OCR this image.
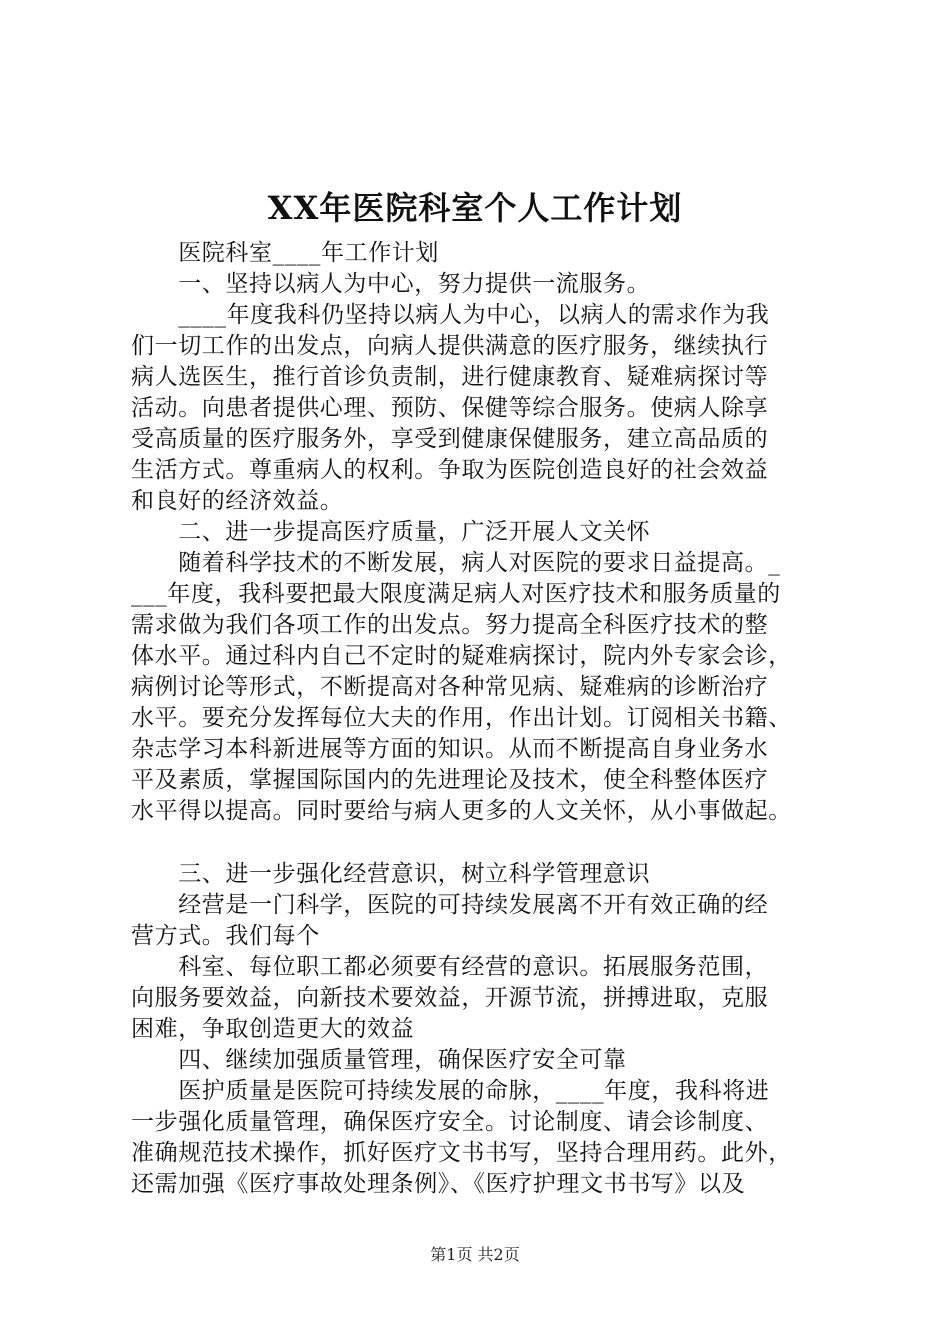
XX年医院科室个人工作计划
　　医院科室____年工作计划
　　一、坚持以病人为中心，努力提供一流服务。
　　____年度我科仍坚持以病人为中心，以病人的需求作为我
们一切工作的出发点，向病人提供满意的医疗服务，继续执行
病人选医生，推行首诊负责制，进行健康教育、疑难病探讨等
活动。向患者提供心理、预防、保健等综合服务。使病人除享
受高质量的医疗服务外，享受到健康保健服务，建立高品质的
生活方式。尊重病人的权利。争取为医院创造良好的社会效益
和良好的经济效益。
　　二、进一步提高医疗质量，广泛开展人文关怀
　　随着科学技术的不断发展，病人对医院的要求日益提高。_
___年度，我科要把最大限度满足病人对医疗技术和服务质量的
需求做为我们各项工作的出发点。努力提高全科医疗技术的整
体水平。通过科内自己不定时的疑难病探讨，院内外专家会诊，
病例讨论等形式，不断提高对各种常见病、疑难病的诊断治疗
水平。要充分发挥每位大夫的作用，作出计划。订阅相关书籍、
杂志学习本科新进展等方面的知识。从而不断提高自身业务水
平及素质，掌握国际国内的先进理论及技术，使全科整体医疗
水平得以提高。同时要给与病人更多的人文关怀，从小事做起。
　　三、进一步强化经营意识，树立科学管理意识
　　经营是一门科学，医院的可持续发展离不开有效正确的经
营方式。我们每个
　　科室、每位职工都必须要有经营的意识。拓展服务范围，
向服务要效益，向新技术要效益，开源节流，拼搏进取，克服
困难，争取创造更大的效益
　　四、继续加强质量管理，确保医疗安全可靠
　　医护质量是医院可持续发展的命脉，____年度，我科将进
一步强化质量管理，确保医疗安全。讨论制度、请会诊制度、
准确规范技术操作，抓好医疗文书书写，坚持合理用药。此外，
还需加强《医疗事故处理条例》、《医疗护理文书书写》以及
第1页 共2页
